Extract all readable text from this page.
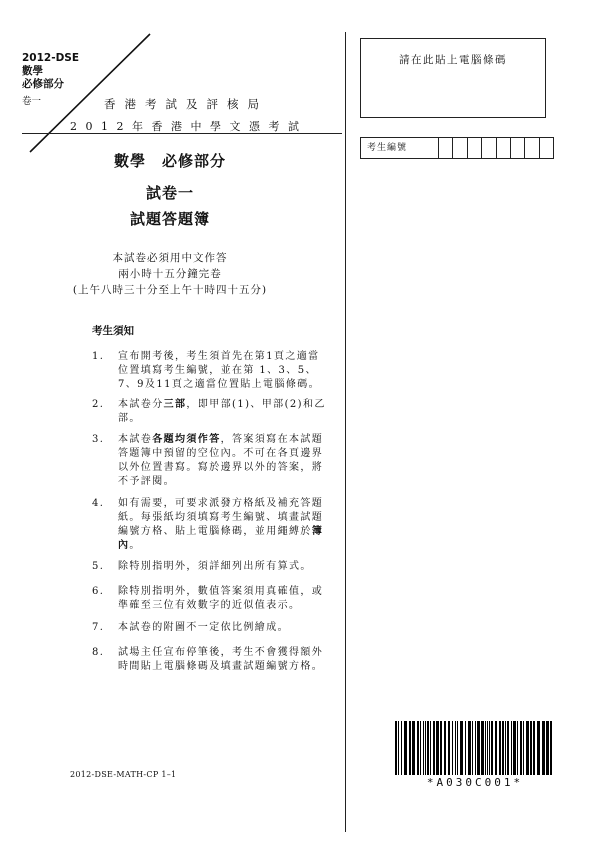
2012-DSE
數學
必修部分
卷一	香港考試及評核局
2012年香港中學文憑考試
數學 必修部分
試卷一
試題答題簿
本試卷必須用中文作答
兩小時十五分鐘完卷
(上午八時三十分至上午十時四十五分)
考生須知
1. 宣布開考後，考生須首先在第1頁之適當位置填寫考生編號，並在第 1、3、5、7、9及11頁之適當位置貼上電腦條碼。
2. 本試卷分三部，即甲部(1)、甲部(2)和乙部。
3. 本試卷各題均須作答，答案須寫在本試題答題簿中預留的空位內。不可在各頁邊界以外位置書寫。寫於邊界以外的答案，將不予評閱。
4. 如有需要，可要求派發方格紙及補充答題紙。每張紙均須填寫考生編號、填畫試題編號方格、貼上電腦條碼，並用繩縛於簿內。
5. 除特別指明外，須詳細列出所有算式。
6. 除特別指明外，數值答案須用真確值，或準確至三位有效數字的近似值表示。
7. 本試卷的附圖不一定依比例繪成。
8. 試場主任宣布停筆後，考生不會獲得額外時間貼上電腦條碼及填畫試題編號方格。
請在此貼上電腦條碼
考生編號
2012-DSE-MATH-CP 1–1
*A030C001*
